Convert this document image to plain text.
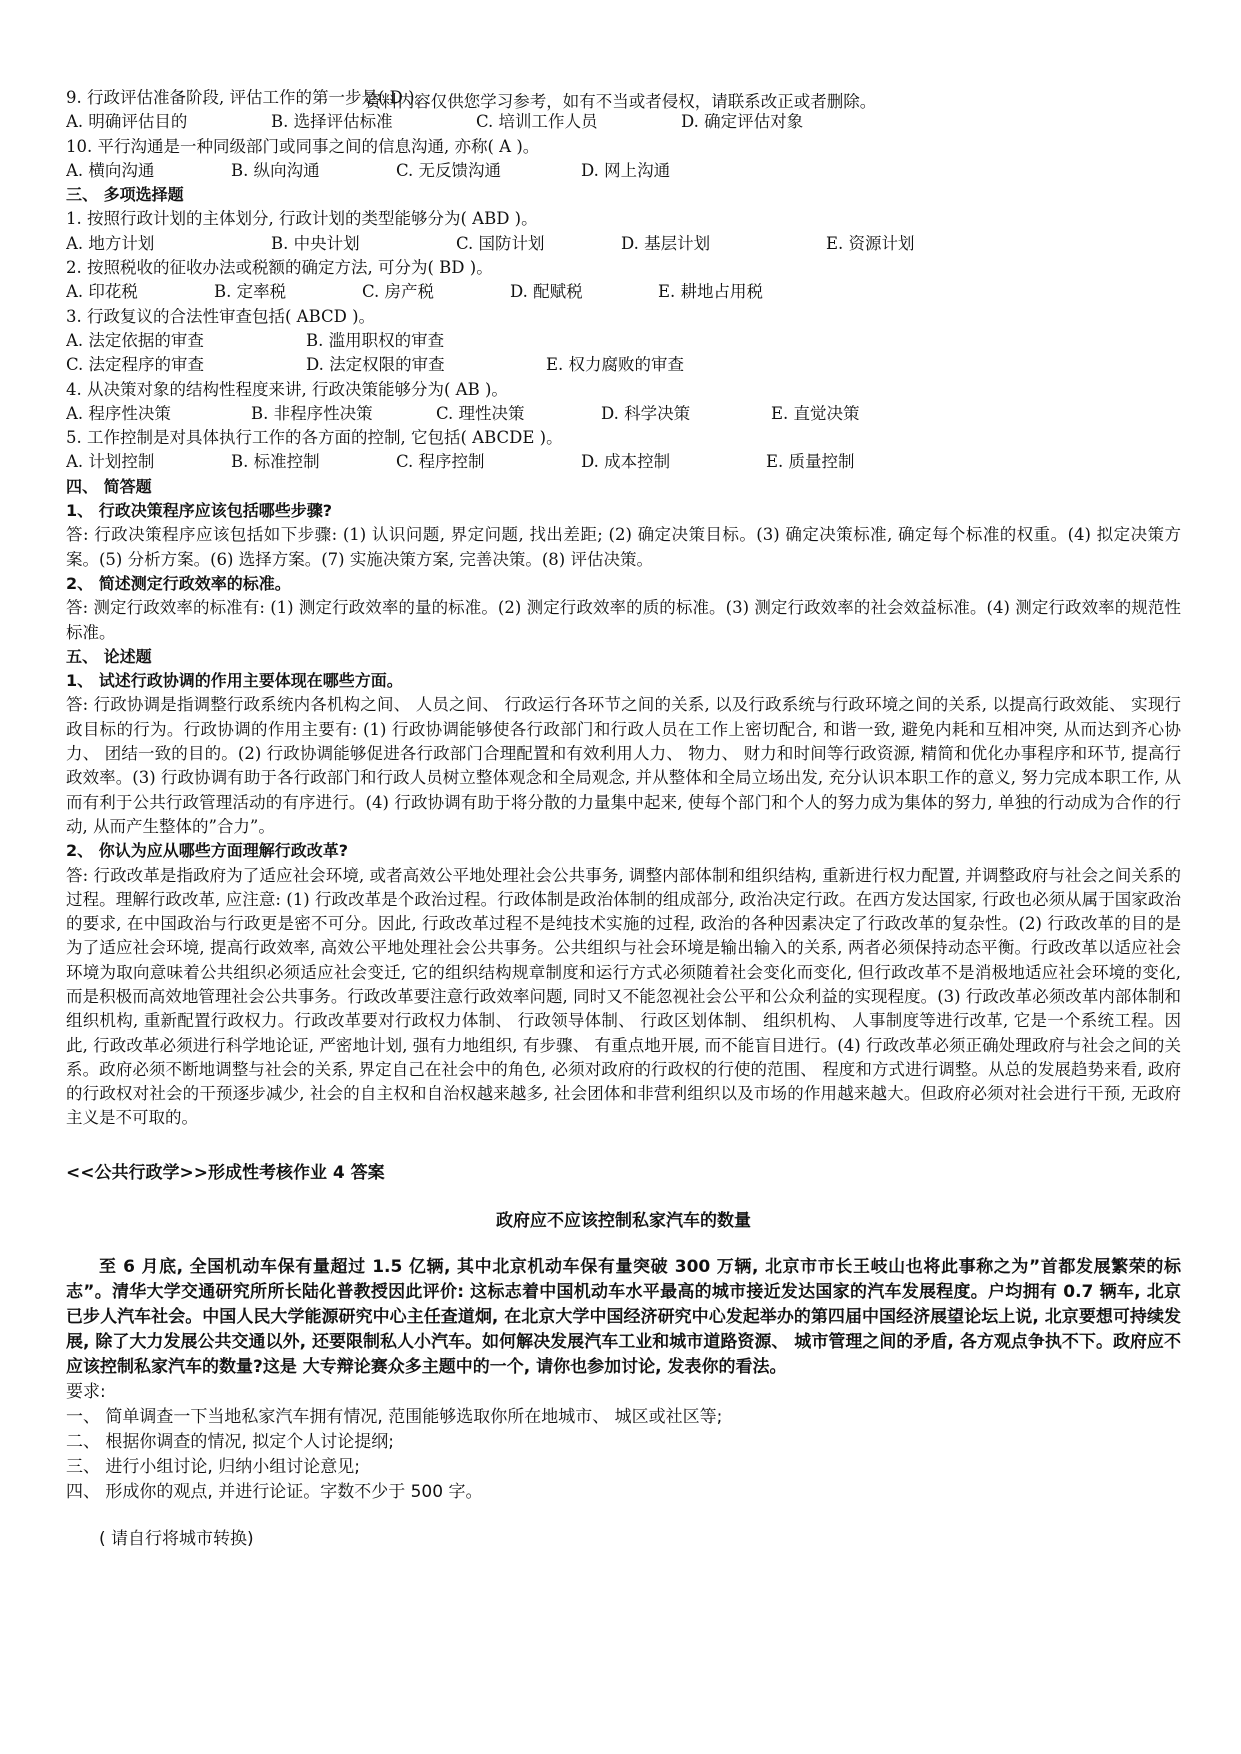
资料内容仅供您学习参考，如有不当或者侵权，请联系改正或者删除。
9. 行政评估准备阶段, 评估工作的第一步是( D )。
A. 明确评估目的	B. 选择评估标准	C. 培训工作人员	D. 确定评估对象
10. 平行沟通是一种同级部门或同事之间的信息沟通, 亦称( A )。
A. 横向沟通	B. 纵向沟通	C. 无反馈沟通	D. 网上沟通
三、 多项选择题
1. 按照行政计划的主体划分, 行政计划的类型能够分为( ABD )。
A. 地方计划	B. 中央计划	C. 国防计划	D. 基层计划	E. 资源计划
2. 按照税收的征收办法或税额的确定方法, 可分为( BD )。
A. 印花税	B. 定率税	C. 房产税	D. 配赋税	E. 耕地占用税
3. 行政复议的合法性审查包括( ABCD )。
A. 法定依据的审查	B. 滥用职权的审查
C. 法定程序的审查	D. 法定权限的审查	E. 权力腐败的审查
4. 从决策对象的结构性程度来讲, 行政决策能够分为( AB )。
A. 程序性决策	B. 非程序性决策	C. 理性决策	D. 科学决策	E. 直觉决策
5. 工作控制是对具体执行工作的各方面的控制, 它包括( ABCDE )。
A. 计划控制	B. 标准控制	C. 程序控制	D. 成本控制	E. 质量控制
四、 简答题
1、 行政决策程序应该包括哪些步骤?
答: 行政决策程序应该包括如下步骤: (1) 认识问题, 界定问题, 找出差距; (2) 确定决策目标。(3) 确定决策标准, 确定每个标准的权重。(4) 拟定决策方案。(5) 分析方案。(6) 选择方案。(7) 实施决策方案, 完善决策。(8) 评估决策。
2、 简述测定行政效率的标准。
答: 测定行政效率的标准有: (1) 测定行政效率的量的标准。(2) 测定行政效率的质的标准。(3) 测定行政效率的社会效益标准。(4) 测定行政效率的规范性标准。
五、 论述题
1、 试述行政协调的作用主要体现在哪些方面。
答: 行政协调是指调整行政系统内各机构之间、 人员之间、 行政运行各环节之间的关系, 以及行政系统与行政环境之间的关系, 以提高行政效能、 实现行政目标的行为。行政协调的作用主要有: (1) 行政协调能够使各行政部门和行政人员在工作上密切配合, 和谐一致, 避免内耗和互相冲突, 从而达到齐心协力、 团结一致的目的。(2) 行政协调能够促进各行政部门合理配置和有效利用人力、 物力、 财力和时间等行政资源, 精简和优化办事程序和环节, 提高行政效率。(3) 行政协调有助于各行政部门和行政人员树立整体观念和全局观念, 并从整体和全局立场出发, 充分认识本职工作的意义, 努力完成本职工作, 从而有利于公共行政管理活动的有序进行。(4) 行政协调有助于将分散的力量集中起来, 使每个部门和个人的努力成为集体的努力, 单独的行动成为合作的行动, 从而产生整体的”合力”。
2、 你认为应从哪些方面理解行政改革?
答: 行政改革是指政府为了适应社会环境, 或者高效公平地处理社会公共事务, 调整内部体制和组织结构, 重新进行权力配置, 并调整政府与社会之间关系的过程。理解行政改革, 应注意: (1) 行政改革是个政治过程。行政体制是政治体制的组成部分, 政治决定行政。在西方发达国家, 行政也必须从属于国家政治的要求, 在中国政治与行政更是密不可分。因此, 行政改革过程不是纯技术实施的过程, 政治的各种因素决定了行政改革的复杂性。(2) 行政改革的目的是为了适应社会环境, 提高行政效率, 高效公平地处理社会公共事务。公共组织与社会环境是输出输入的关系, 两者必须保持动态平衡。行政改革以适应社会环境为取向意味着公共组织必须适应社会变迁, 它的组织结构规章制度和运行方式必须随着社会变化而变化, 但行政改革不是消极地适应社会环境的变化, 而是积极而高效地管理社会公共事务。行政改革要注意行政效率问题, 同时又不能忽视社会公平和公众利益的实现程度。(3) 行政改革必须改革内部体制和组织机构, 重新配置行政权力。行政改革要对行政权力体制、 行政领导体制、 行政区划体制、 组织机构、 人事制度等进行改革, 它是一个系统工程。因此, 行政改革必须进行科学地论证, 严密地计划, 强有力地组织, 有步骤、 有重点地开展, 而不能盲目进行。(4) 行政改革必须正确处理政府与社会之间的关系。政府必须不断地调整与社会的关系, 界定自己在社会中的角色, 必须对政府的行政权的行使的范围、 程度和方式进行调整。从总的发展趋势来看, 政府的行政权对社会的干预逐步减少, 社会的自主权和自治权越来越多, 社会团体和非营利组织以及市场的作用越来越大。但政府必须对社会进行干预, 无政府主义是不可取的。
<<公共行政学>>形成性考核作业 4 答案
政府应不应该控制私家汽车的数量
至 6 月底, 全国机动车保有量超过 1.5 亿辆, 其中北京机动车保有量突破 300 万辆, 北京市市长王岐山也将此事称之为”首都发展繁荣的标志”。清华大学交通研究所所长陆化普教授因此评价: 这标志着中国机动车水平最高的城市接近发达国家的汽车发展程度。户均拥有 0.7 辆车, 北京已步人汽车社会。中国人民大学能源研究中心主任查道炯, 在北京大学中国经济研究中心发起举办的第四届中国经济展望论坛上说, 北京要想可持续发展, 除了大力发展公共交通以外, 还要限制私人小汽车。如何解决发展汽车工业和城市道路资源、 城市管理之间的矛盾, 各方观点争执不下。政府应不应该控制私家汽车的数量?这是 大专辩论赛众多主题中的一个, 请你也参加讨论, 发表你的看法。
要求:
一、 简单调查一下当地私家汽车拥有情况, 范围能够选取你所在地城市、 城区或社区等;
二、 根据你调查的情况, 拟定个人讨论提纲;
三、 进行小组讨论, 归纳小组讨论意见;
四、 形成你的观点, 并进行论证。字数不少于 500 字。
( 请自行将城市转换)
